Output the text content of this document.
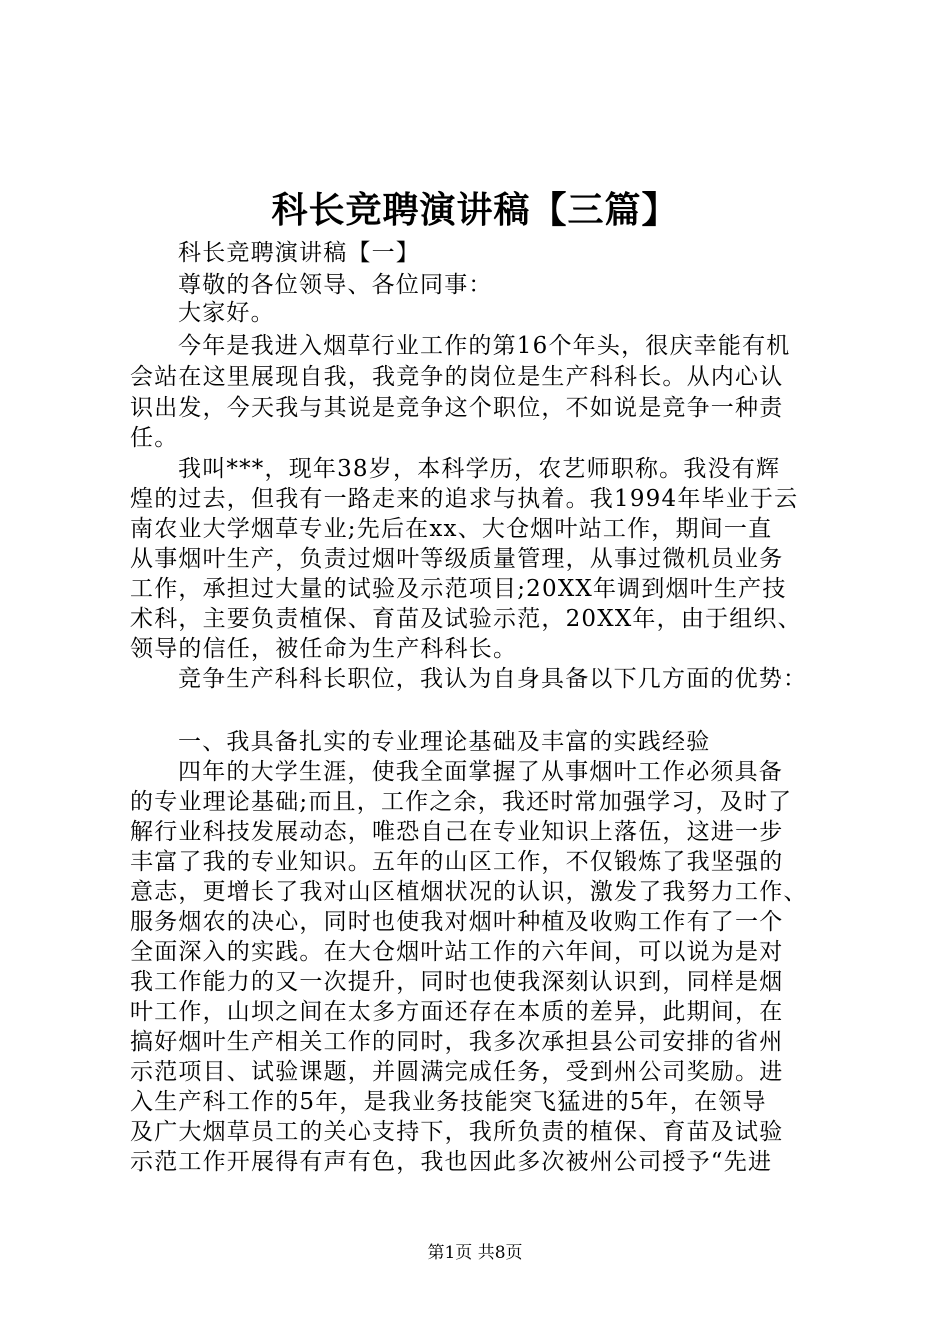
科长竞聘演讲稿【三篇】
科长竞聘演讲稿【一】
尊敬的各位领导、各位同事：
大家好。
今年是我进入烟草行业工作的第16个年头，很庆幸能有机
会站在这里展现自我，我竞争的岗位是生产科科长。从内心认
识出发，今天我与其说是竞争这个职位，不如说是竞争一种责
任。
我叫***，现年38岁，本科学历，农艺师职称。我没有辉
煌的过去，但我有一路走来的追求与执着。我1994年毕业于云
南农业大学烟草专业;先后在xx、大仓烟叶站工作，期间一直
从事烟叶生产，负责过烟叶等级质量管理，从事过微机员业务
工作，承担过大量的试验及示范项目;20XX年调到烟叶生产技
术科，主要负责植保、育苗及试验示范，20XX年，由于组织、
领导的信任，被任命为生产科科长。
竞争生产科科长职位，我认为自身具备以下几方面的优势：
一、我具备扎实的专业理论基础及丰富的实践经验
四年的大学生涯，使我全面掌握了从事烟叶工作必须具备
的专业理论基础;而且，工作之余，我还时常加强学习，及时了
解行业科技发展动态，唯恐自己在专业知识上落伍，这进一步
丰富了我的专业知识。五年的山区工作，不仅锻炼了我坚强的
意志，更增长了我对山区植烟状况的认识，激发了我努力工作、
服务烟农的决心，同时也使我对烟叶种植及收购工作有了一个
全面深入的实践。在大仓烟叶站工作的六年间，可以说为是对
我工作能力的又一次提升，同时也使我深刻认识到，同样是烟
叶工作，山坝之间在太多方面还存在本质的差异，此期间，在
搞好烟叶生产相关工作的同时，我多次承担县公司安排的省州
示范项目、试验课题，并圆满完成任务，受到州公司奖励。进
入生产科工作的5年，是我业务技能突飞猛进的5年，在领导
及广大烟草员工的关心支持下，我所负责的植保、育苗及试验
示范工作开展得有声有色，我也因此多次被州公司授予“先进
第1页 共8页
